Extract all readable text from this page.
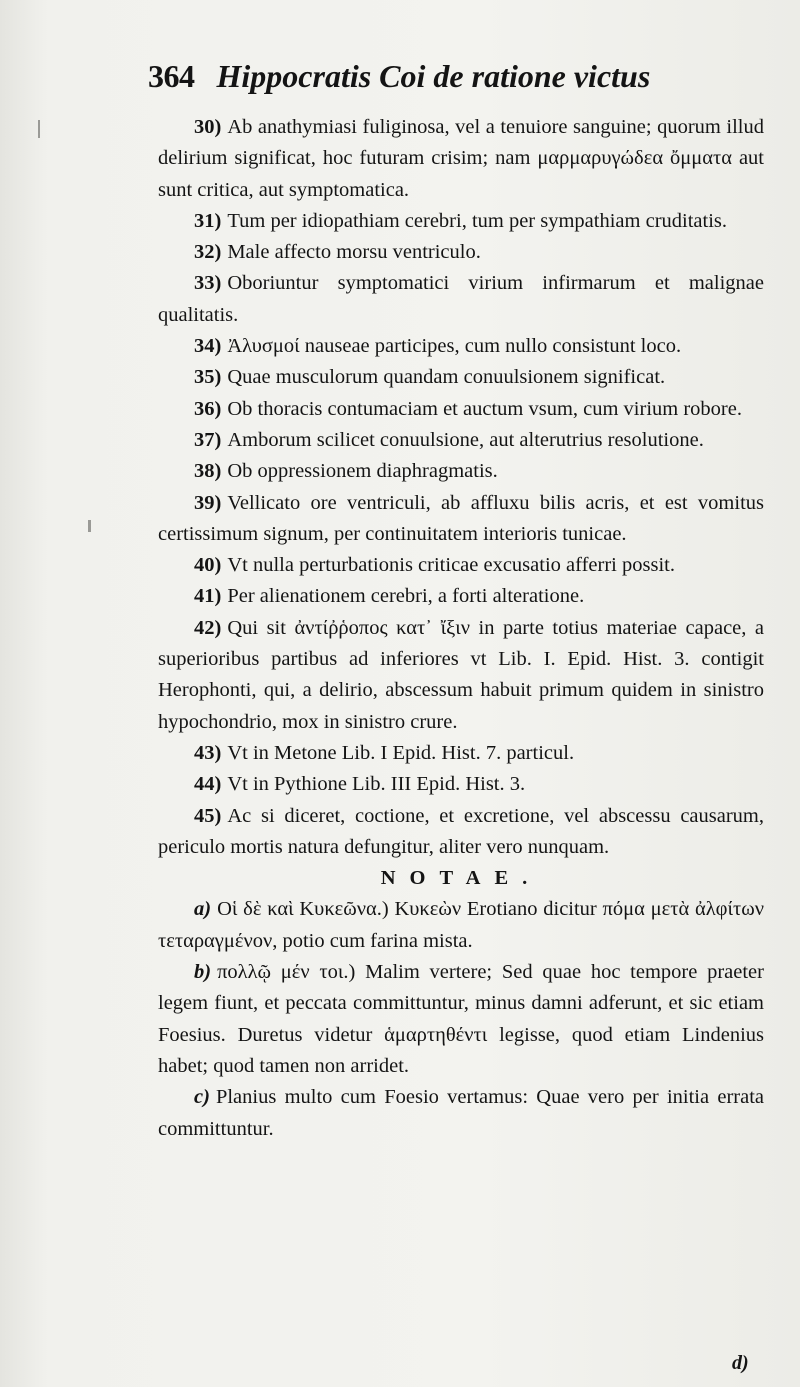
364 Hippocratis Coi de ratione victus

30) Ab anathymiasi fuliginosa, vel a tenuiore sanguine; quorum illud delirium significat, hoc futuram crisim; nam μαρμαρυγώδεα ὄμματα aut sunt critica, aut symptomatica.

31) Tum per idiopathiam cerebri, tum per sympathiam cruditatis.

32) Male affecto morsu ventriculo.

33) Oboriuntur symptomatici virium infirmarum et malignae qualitatis.

34) Ἀλυσμοί nauseae participes, cum nullo consistunt loco.

35) Quae musculorum quandam conuulsionem significat.

36) Ob thoracis contumaciam et auctum vsum, cum virium robore.

37) Amborum scilicet conuulsione, aut alterutrius resolutione.

38) Ob oppressionem diaphragmatis.

39) Vellicato ore ventriculi, ab affluxu bilis acris, et est vomitus certissimum signum, per continuitatem interioris tunicae.

40) Vt nulla perturbationis criticae excusatio afferri possit.

41) Per alienationem cerebri, a forti alteratione.

42) Qui sit ἀντίῤῥοπος κατ᾽ ἴξιν in parte totius materiae capace, a superioribus partibus ad inferiores vt Lib. I. Epid. Hist. 3. contigit Herophonti, qui, a delirio, abscessum habuit primum quidem in sinistro hypochondrio, mox in sinistro crure.

43) Vt in Metone Lib. I Epid. Hist. 7. particul.

44) Vt in Pythione Lib. III Epid. Hist. 3.

45) Ac si diceret, coctione, et excretione, vel abscessu causarum, periculo mortis natura defungitur, aliter vero nunquam.

NOTAE.

a) Οἱ δὲ καὶ Κυκεῶνα.) Κυκεὼν Erotiano dicitur πόμα μετὰ ἀλφίτων τεταραγμένον, potio cum farina mista.

b) πολλῷ μέν τοι.) Malim vertere; Sed quae hoc tempore praeter legem fiunt, et peccata committuntur, minus damni adferunt, et sic etiam Foesius. Duretus videtur ἁμαρτηθέντι legisse, quod etiam Lindenius habet; quod tamen non arridet.

c) Planius multo cum Foesio vertamus: Quae vero per initia errata committuntur.

d)
